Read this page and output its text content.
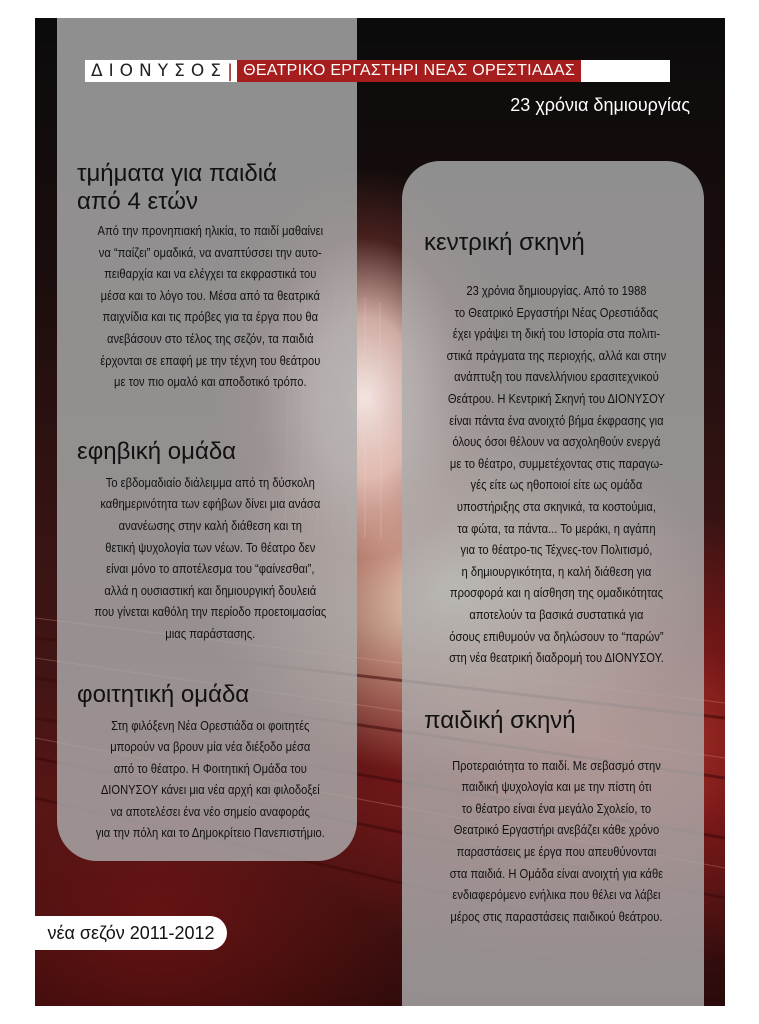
τμήματα για παιδιά
από 4 ετών

Από την προνηπιακή ηλικία, το παιδί μαθαίνει
να “παίζει” ομαδικά, να αναπτύσσει την αυτο-
πειθαρχία και να ελέγχει τα εκφραστικά του
μέσα και το λόγο του. Μέσα από τα θεατρικά
παιχνίδια και τις πρόβες για τα έργα που θα
ανεβάσουν στο τέλος της σεζόν, τα παιδιά
έρχονται σε επαφή με την τέχνη του θεάτρου
με τον πιο ομαλό και αποδοτικό τρόπο.

εφηβική ομάδα

Το εβδομαδιαίο διάλειμμα από τη δύσκολη
καθημερινότητα των εφήβων δίνει μια ανάσα
ανανέωσης στην καλή διάθεση και τη
θετική ψυχολογία των νέων. Το θέατρο δεν
είναι μόνο το αποτέλεσμα του “φαίνεσθαι”,
αλλά η ουσιαστική και δημιουργική δουλειά
που γίνεται καθόλη την περίοδο προετοιμασίας
μιας παράστασης.

φοιτητική ομάδα

Στη φιλόξενη Νέα Ορεστιάδα οι φοιτητές
μπορούν να βρουν μία νέα διέξοδο μέσα
από το θέατρο. Η Φοιτητική Ομάδα του
ΔΙΟΝΥΣΟΥ κάνει μια νέα αρχή και φιλοδοξεί
να αποτελέσει ένα νέο σημείο αναφοράς
για την πόλη και το Δημοκρίτειο Πανεπιστήμιο.

κεντρική σκηνή

23 χρόνια δημιουργίας. Από το 1988
το Θεατρικό Εργαστήρι Νέας Ορεστιάδας
έχει γράψει τη δική του Ιστορία στα πολιτι-
στικά πράγματα της περιοχής, αλλά και στην
ανάπτυξη του πανελλήνιου ερασιτεχνικού
Θεάτρου. Η Κεντρική Σκηνή του ΔΙΟΝΥΣΟΥ
είναι πάντα ένα ανοιχτό βήμα έκφρασης για
όλους όσοι θέλουν να ασχοληθούν ενεργά
με το θέατρο, συμμετέχοντας στις παραγω-
γές είτε ως ηθοποιοί είτε ως ομάδα
υποστήριξης στα σκηνικά, τα κοστούμια,
τα φώτα, τα πάντα... Το μεράκι, η αγάπη
για το θέατρο-τις Τέχνες-τον Πολιτισμό,
η δημιουργικότητα, η καλή διάθεση για
προσφορά και η αίσθηση της ομαδικότητας
αποτελούν τα βασικά συστατικά για
όσους επιθυμούν να δηλώσουν το “παρών”
στη νέα θεατρική διαδρομή του ΔΙΟΝΥΣΟΥ.

παιδική σκηνή

Προτεραιότητα το παιδί. Με σεβασμό στην
παιδική ψυχολογία και με την πίστη ότι
το θέατρο είναι ένα μεγάλο Σχολείο, το
Θεατρικό Εργαστήρι ανεβάζει κάθε χρόνο
παραστάσεις με έργα που απευθύνονται
στα παιδιά. Η Ομάδα είναι ανοιχτή για κάθε
ενδιαφερόμενο ενήλικα που θέλει να λάβει
μέρος στις παραστάσεις παιδικού θεάτρου.

ΔΙΟΝΥΣΟΣ | ΘΕΑΤΡΙΚΟ ΕΡΓΑΣΤΗΡΙ ΝΕΑΣ ΟΡΕΣΤΙΑΔΑΣ
23 χρόνια δημιουργίας
νέα σεζόν 2011-2012
